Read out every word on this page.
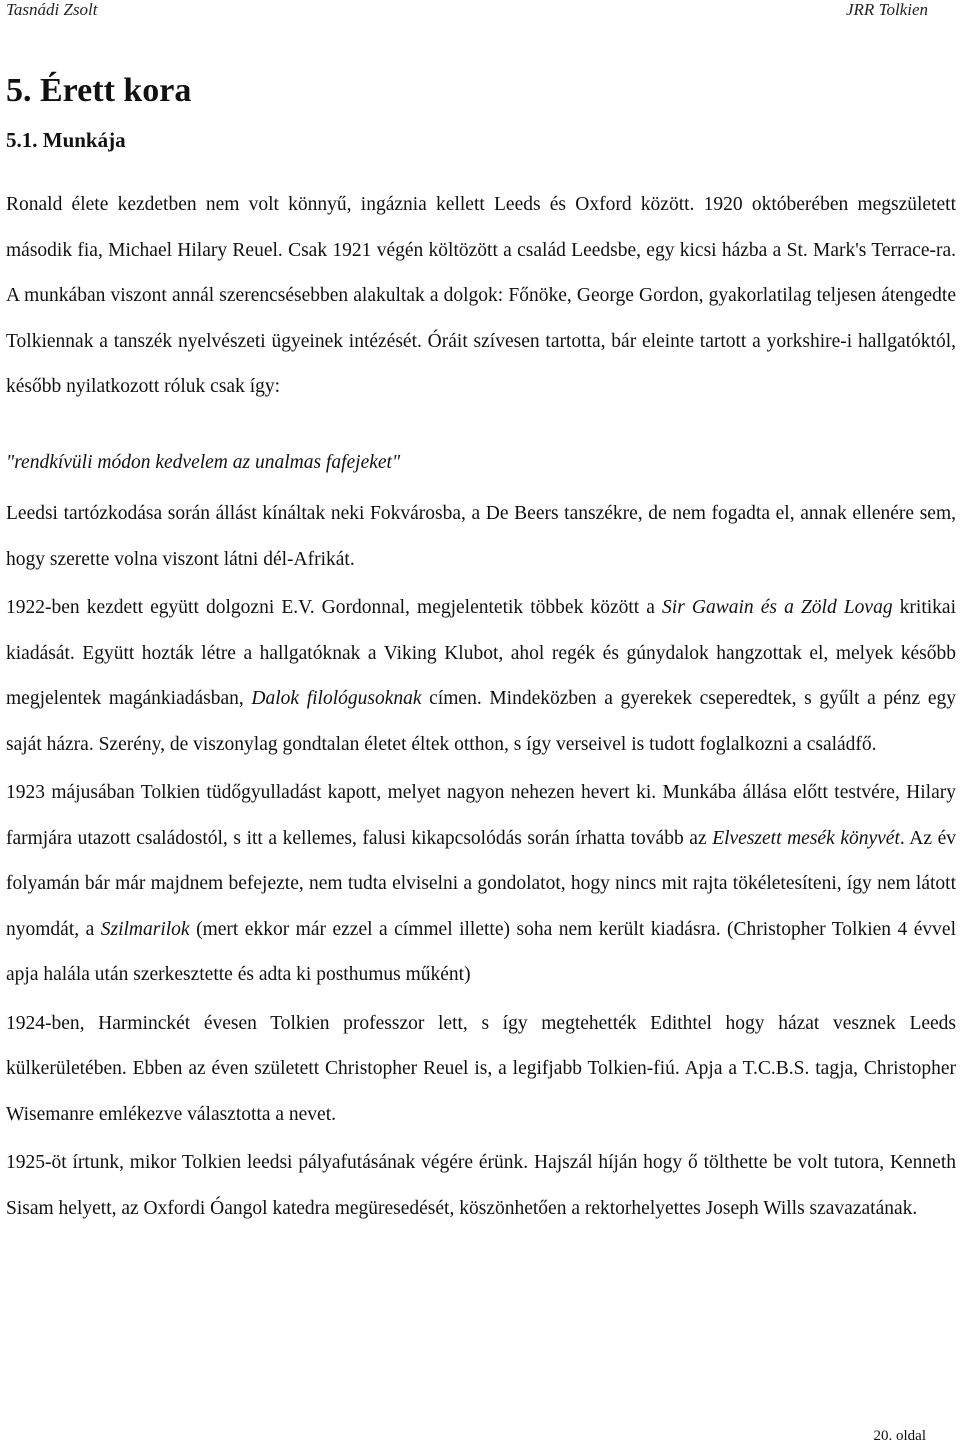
Tasnádi Zsolt	JRR Tolkien
5. Érett kora
5.1. Munkája

Ronald élete kezdetben nem volt könnyű, ingáznia kellett Leeds és Oxford között. 1920 októberében megszületett második fia, Michael Hilary Reuel. Csak 1921 végén költözött a család Leedsbe, egy kicsi házba a St. Mark's Terrace-ra. A munkában viszont annál szerencsésebben alakultak a dolgok: Főnöke, George Gordon, gyakorlatilag teljesen átengedte Tolkiennak a tanszék nyelvészeti ügyeinek intézését. Óráit szívesen tartotta, bár eleinte tartott a yorkshire-i hallgatóktól, később nyilatkozott róluk csak így:

"rendkívüli módon kedvelem az unalmas fafejeket"

Leedsi tartózkodása során állást kínáltak neki Fokvárosba, a De Beers tanszékre, de nem fogadta el, annak ellenére sem, hogy szerette volna viszont látni dél-Afrikát.

1922-ben kezdett együtt dolgozni E.V. Gordonnal, megjelentetik többek között a Sir Gawain és a Zöld Lovag kritikai kiadását. Együtt hozták létre a hallgatóknak a Viking Klubot, ahol regék és gúnydalok hangzottak el, melyek később megjelentek magánkiadásban, Dalok filológusoknak címen. Mindeközben a gyerekek cseperedtek, s gyűlt a pénz egy saját házra. Szerény, de viszonylag gondtalan életet éltek otthon, s így verseivel is tudott foglalkozni a családfő.

1923 májusában Tolkien tüdőgyulladást kapott, melyet nagyon nehezen hevert ki. Munkába állása előtt testvére, Hilary farmjára utazott családostól, s itt a kellemes, falusi kikapcsolódás során írhatta tovább az Elveszett mesék könyvét. Az év folyamán bár már majdnem befejezte, nem tudta elviselni a gondolatot, hogy nincs mit rajta tökéletesíteni, így nem látott nyomdát, a Szilmarilok (mert ekkor már ezzel a címmel illette) soha nem került kiadásra. (Christopher Tolkien 4 évvel apja halála után szerkesztette és adta ki posthumus műként)

1924-ben, Harminckét évesen Tolkien professzor lett, s így megtehették Edithtel hogy házat vesznek Leeds külkerületében. Ebben az éven született Christopher Reuel is, a legifjabb Tolkien-fiú. Apja a T.C.B.S. tagja, Christopher Wisemanre emlékezve választotta a nevet.

1925-öt írtunk, mikor Tolkien leedsi pályafutásának végére érünk. Hajszál híján hogy ő tölthette be volt tutora, Kenneth Sisam helyett, az Oxfordi Óangol katedra megüresedését, köszönhetően a rektorhelyettes Joseph Wills szavazatának.

20. oldal
